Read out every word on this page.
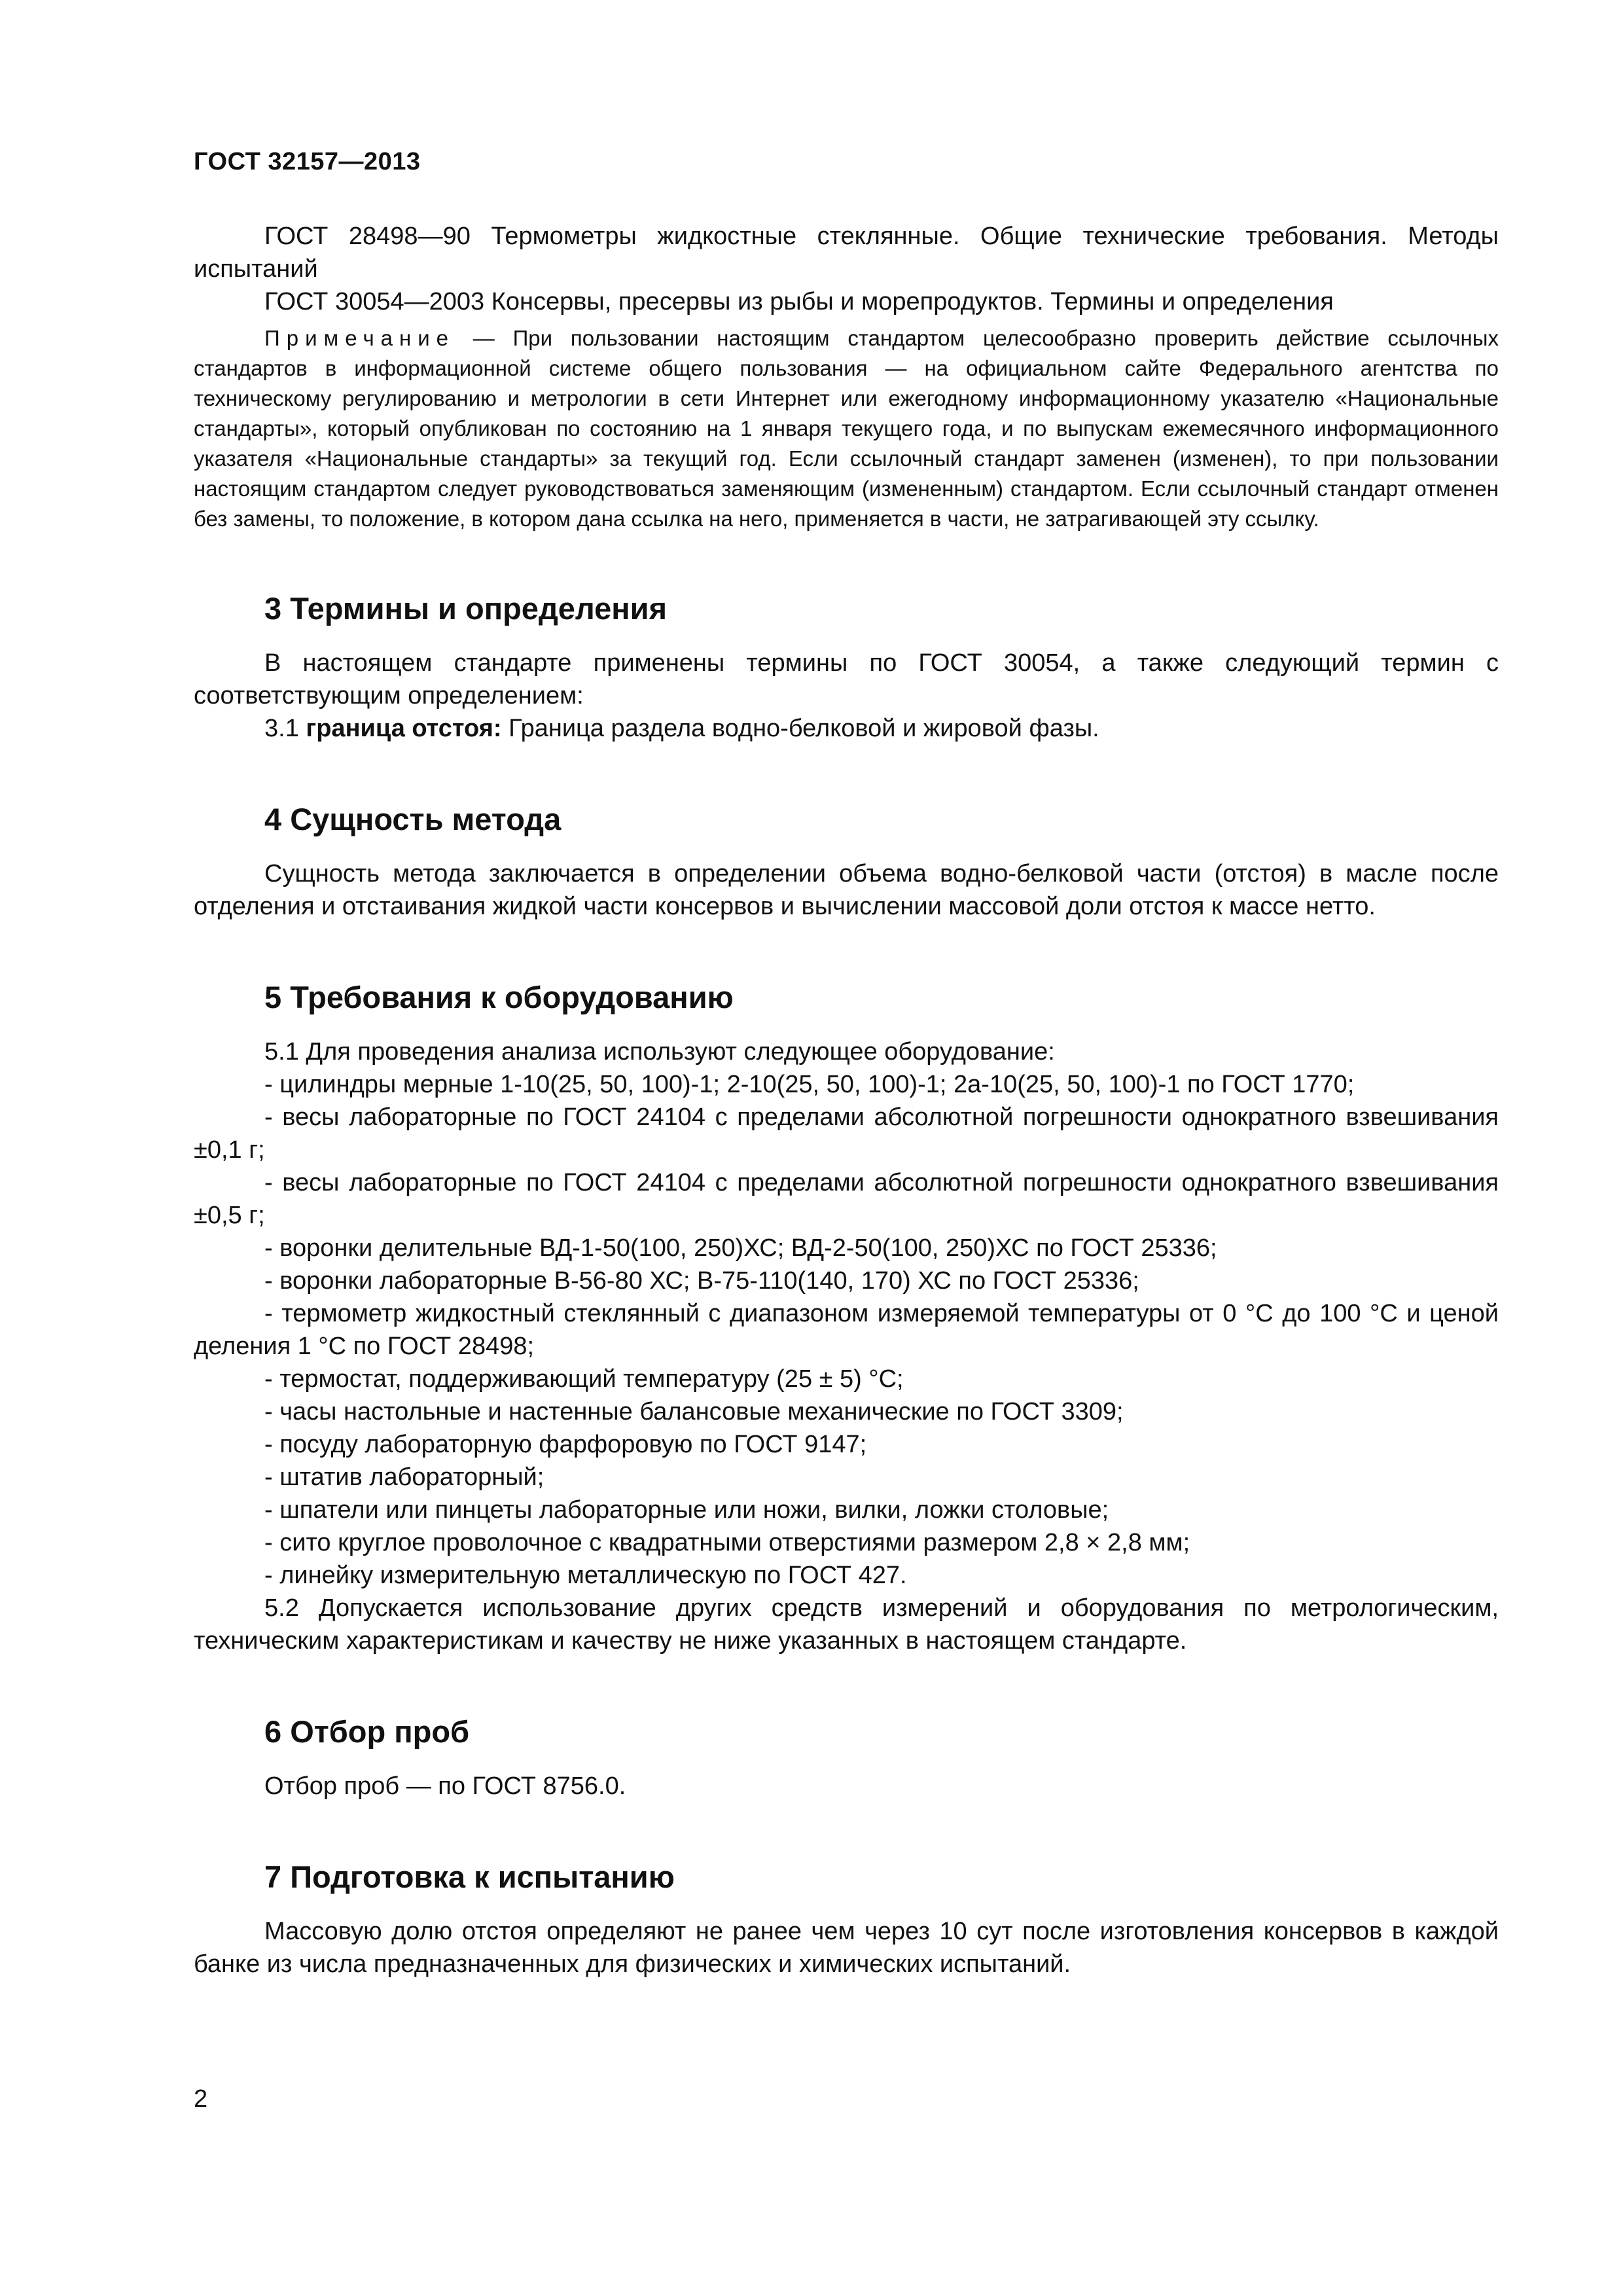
ГОСТ 32157—2013

ГОСТ 28498—90 Термометры жидкостные стеклянные. Общие технические требования. Методы испытаний

ГОСТ 30054—2003 Консервы, пресервы из рыбы и морепродуктов. Термины и определения

Примечание — При пользовании настоящим стандартом целесообразно проверить действие ссылочных стандартов в информационной системе общего пользования — на официальном сайте Федерального агентства по техническому регулированию и метрологии в сети Интернет или ежегодному информационному указателю «Национальные стандарты», который опубликован по состоянию на 1 января текущего года, и по выпускам ежемесячного информационного указателя «Национальные стандарты» за текущий год. Если ссылочный стандарт заменен (изменен), то при пользовании настоящим стандартом следует руководствоваться заменяющим (измененным) стандартом. Если ссылочный стандарт отменен без замены, то положение, в котором дана ссылка на него, применяется в части, не затрагивающей эту ссылку.

3 Термины и определения

В настоящем стандарте применены термины по ГОСТ 30054, а также следующий термин с соответствующим определением:

3.1 граница отстоя: Граница раздела водно-белковой и жировой фазы.

4 Сущность метода

Сущность метода заключается в определении объема водно-белковой части (отстоя) в масле после отделения и отстаивания жидкой части консервов и вычислении массовой доли отстоя к массе нетто.

5 Требования к оборудованию

5.1 Для проведения анализа используют следующее оборудование:

- цилиндры мерные 1-10(25, 50, 100)-1; 2-10(25, 50, 100)-1; 2а-10(25, 50, 100)-1 по ГОСТ 1770;

- весы лабораторные по ГОСТ 24104 с пределами абсолютной погрешности однократного взвешивания ±0,1 г;

- весы лабораторные по ГОСТ 24104 с пределами абсолютной погрешности однократного взвешивания ±0,5 г;

- воронки делительные ВД-1-50(100, 250)ХС; ВД-2-50(100, 250)ХС по ГОСТ 25336;

- воронки лабораторные В-56-80 ХС; В-75-110(140, 170) ХС по ГОСТ 25336;

- термометр жидкостный стеклянный с диапазоном измеряемой температуры от 0 °С до 100 °С и ценой деления 1 °С по ГОСТ 28498;

- термостат, поддерживающий температуру (25 ± 5) °С;

- часы настольные и настенные балансовые механические по ГОСТ 3309;

- посуду лабораторную фарфоровую по ГОСТ 9147;

- штатив лабораторный;

- шпатели или пинцеты лабораторные или ножи, вилки, ложки столовые;

- сито круглое проволочное с квадратными отверстиями размером 2,8 × 2,8 мм;

- линейку измерительную металлическую по ГОСТ 427.

5.2 Допускается использование других средств измерений и оборудования по метрологическим, техническим характеристикам и качеству не ниже указанных в настоящем стандарте.

6 Отбор проб

Отбор проб — по ГОСТ 8756.0.

7 Подготовка к испытанию

Массовую долю отстоя определяют не ранее чем через 10 сут после изготовления консервов в каждой банке из числа предназначенных для физических и химических испытаний.

2
